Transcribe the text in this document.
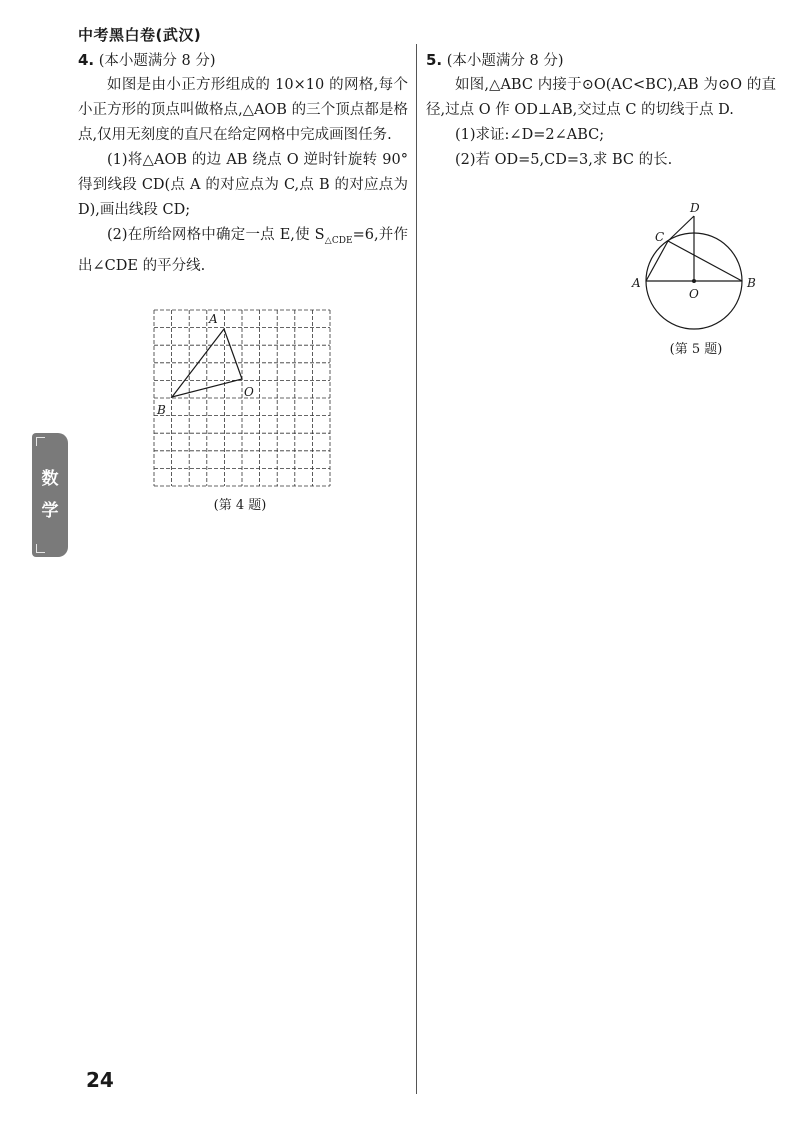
中考黑白卷(武汉)
4. (本小题满分 8 分)

如图是由小正方形组成的 10×10 的网格,每个小正方形的顶点叫做格点,△AOB 的三个顶点都是格点,仅用无刻度的直尺在给定网格中完成画图任务.

(1)将△AOB 的边 AB 绕点 O 逆时针旋转 90°得到线段 CD(点 A 的对应点为 C,点 B 的对应点为 D),画出线段 CD;

(2)在所给网格中确定一点 E,使 $S_{\triangle CDE}=6$,并作出∠CDE 的平分线.

A
O
B
(第 4 题)
5. (本小题满分 8 分)

如图,△ABC 内接于⊙O(AC<BC),AB 为⊙O 的直径,过点 O 作 OD⊥AB,交过点 C 的切线于点 D.

(1)求证:∠D=2∠ABC;

(2)若 OD=5,CD=3,求 BC 的长.

D
C
A	B
O
(第 5 题)
数
学
24
